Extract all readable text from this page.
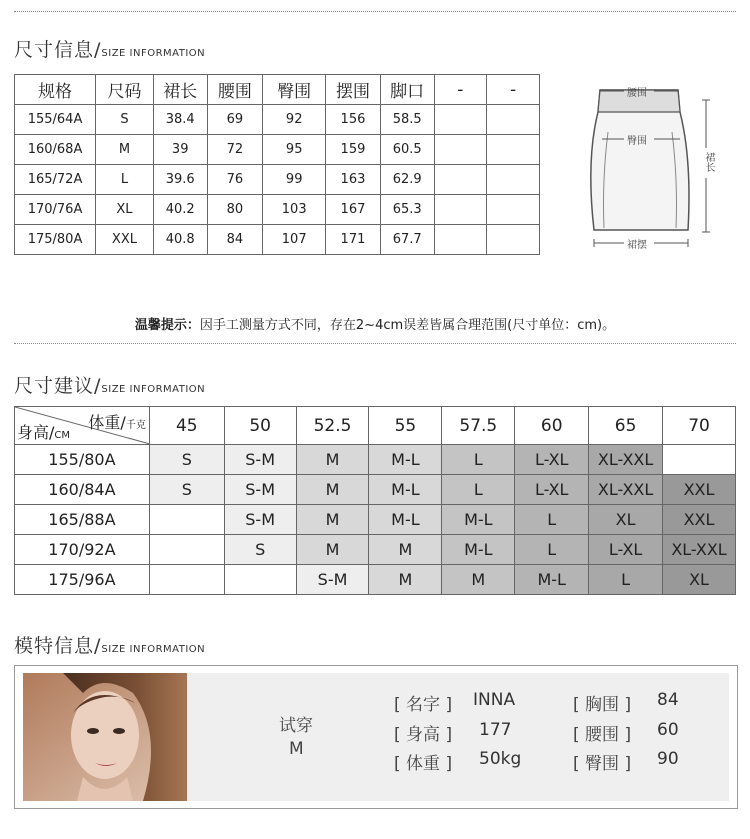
尺寸信息/SIZE INFORMATION
规格	尺码	裙长	腰围	臀围	摆围	脚口	-	-
155/64A	S	38.4	69	92	156	58.5		
160/68A	M	39	72	95	159	60.5		
165/72A	L	39.6	76	99	163	62.9		
170/76A	XL	40.2	80	103	167	65.3		
175/80A	XXL	40.8	84	107	171	67.7		
腰围
臀围
裙长
裙摆
温馨提示：因手工测量方式不同，存在2~4cm误差皆属合理范围(尺寸单位：cm)。
尺寸建议/SIZE INFORMATION
体重/千克
身高/CM	45	50	52.5	55	57.5	60	65	70
155/80A	S	S-M	M	M-L	L	L-XL	XL-XXL	
160/84A	S	S-M	M	M-L	L	L-XL	XL-XXL	XXL
165/88A		S-M	M	M-L	M-L	L	XL	XXL
170/92A		S	M	M	M-L	L	L-XL	XL-XXL
175/96A			S-M	M	M	M-L	L	XL
模特信息/SIZE INFORMATION
试穿
M
[ 名字 ] INNA
[ 身高 ] 177
[ 体重 ] 50kg
[ 胸围 ] 84
[ 腰围 ] 60
[ 臀围 ] 90
